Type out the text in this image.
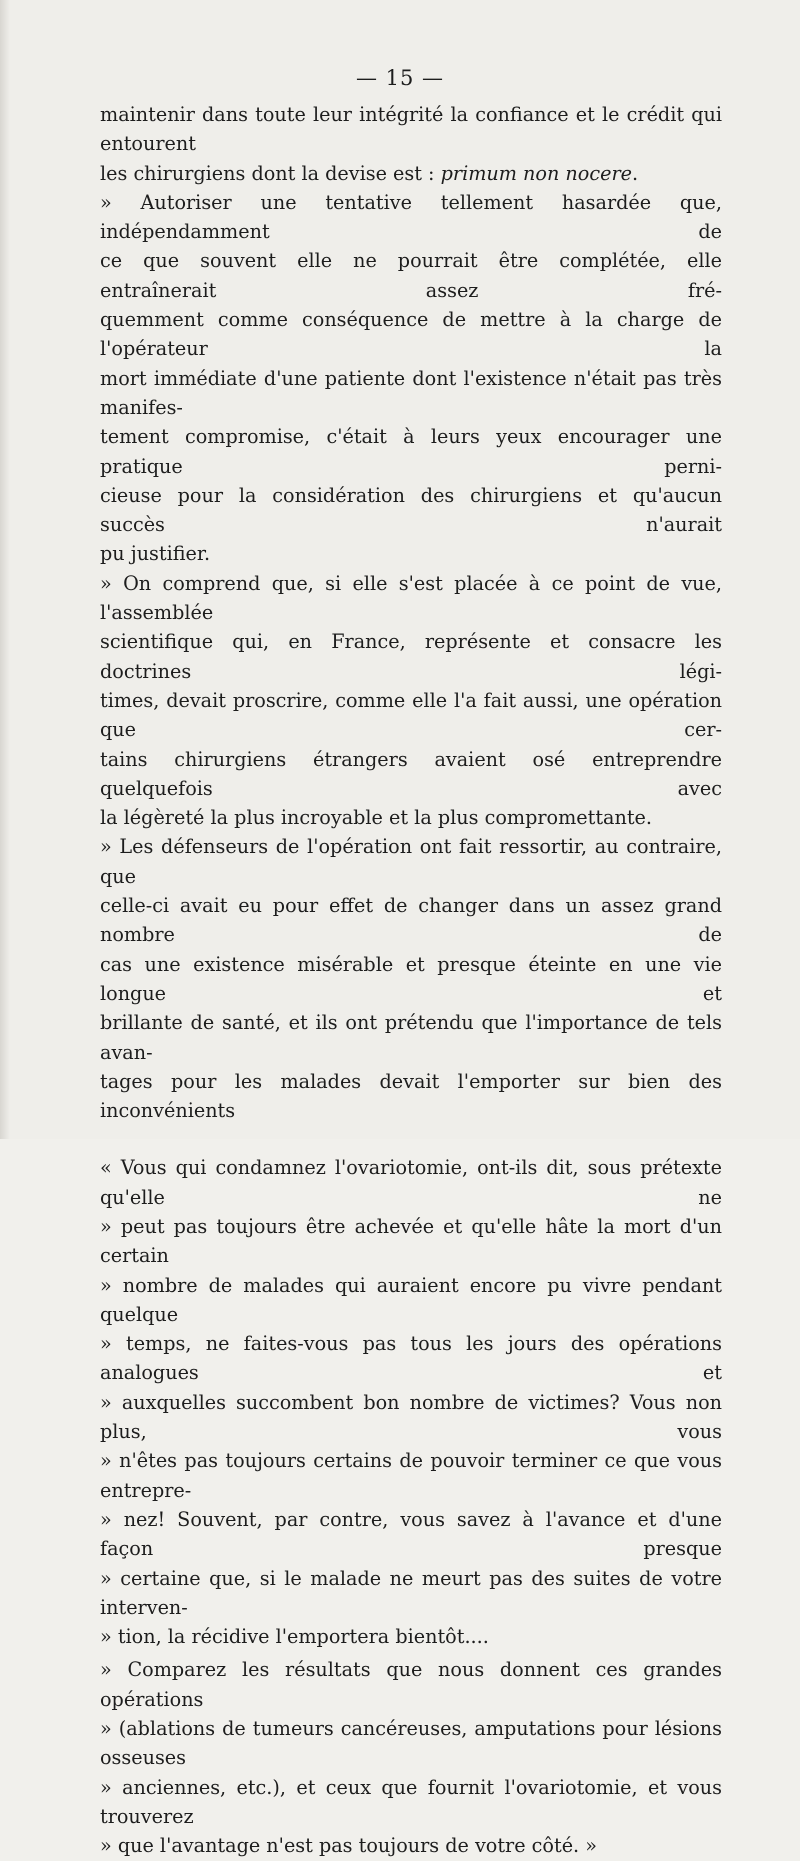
— 15 —

maintenir dans toute leur intégrité la confiance et le crédit qui entourent

les chirurgiens dont la devise est : primum non nocere.

» Autoriser une tentative tellement hasardée que, indépendamment de

ce que souvent elle ne pourrait être complétée, elle entraînerait assez fré-

quemment comme conséquence de mettre à la charge de l'opérateur la

mort immédiate d'une patiente dont l'existence n'était pas très manifes-

tement compromise, c'était à leurs yeux encourager une pratique perni-

cieuse pour la considération des chirurgiens et qu'aucun succès n'aurait

pu justifier.

» On comprend que, si elle s'est placée à ce point de vue, l'assemblée

scientifique qui, en France, représente et consacre les doctrines légi-

times, devait proscrire, comme elle l'a fait aussi, une opération que cer-

tains chirurgiens étrangers avaient osé entreprendre quelquefois avec

la légèreté la plus incroyable et la plus compromettante.

» Les défenseurs de l'opération ont fait ressortir, au contraire, que

celle-ci avait eu pour effet de changer dans un assez grand nombre de

cas une existence misérable et presque éteinte en une vie longue et

brillante de santé, et ils ont prétendu que l'importance de tels avan-

tages pour les malades devait l'emporter sur bien des inconvénients

« Vous qui condamnez l'ovariotomie, ont-ils dit, sous prétexte qu'elle ne

» peut pas toujours être achevée et qu'elle hâte la mort d'un certain

» nombre de malades qui auraient encore pu vivre pendant quelque

» temps, ne faites-vous pas tous les jours des opérations analogues et

» auxquelles succombent bon nombre de victimes? Vous non plus, vous

» n'êtes pas toujours certains de pouvoir terminer ce que vous entrepre-

» nez! Souvent, par contre, vous savez à l'avance et d'une façon presque

» certaine que, si le malade ne meurt pas des suites de votre interven-

» tion, la récidive l'emportera bientôt....

» Comparez les résultats que nous donnent ces grandes opérations

» (ablations de tumeurs cancéreuses, amputations pour lésions osseuses

» anciennes, etc.), et ceux que fournit l'ovariotomie, et vous trouverez

» que l'avantage n'est pas toujours de votre côté. »
